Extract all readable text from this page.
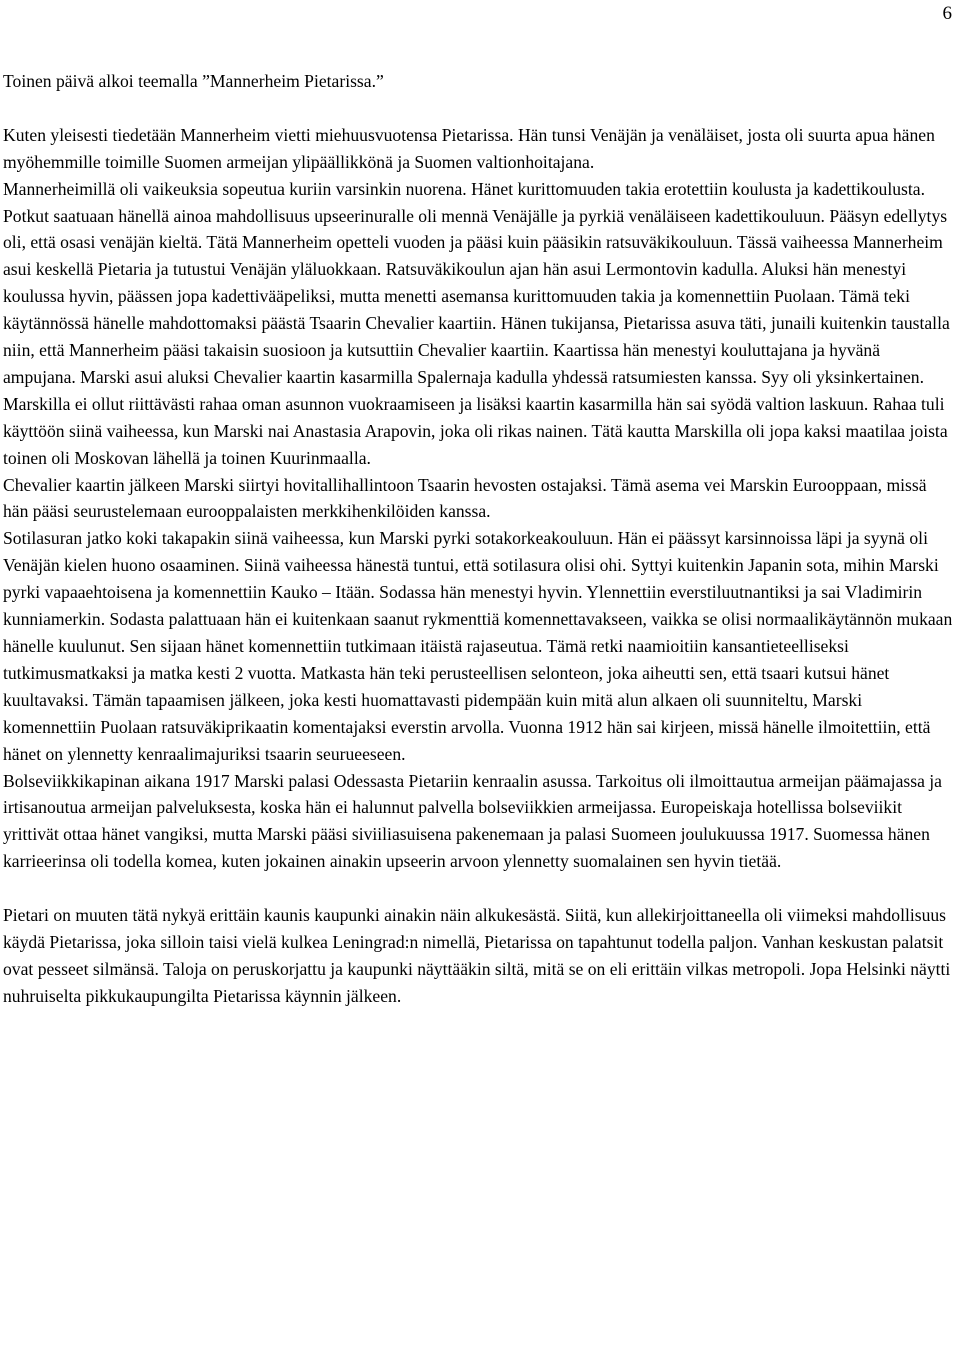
6

Toinen päivä alkoi teemalla ”Mannerheim Pietarissa.”

Kuten yleisesti tiedetään Mannerheim vietti miehuusvuotensa Pietarissa. Hän tunsi Venäjän ja venäläiset, josta oli suurta apua hänen myöhemmille toimille Suomen armeijan ylipäällikkönä ja Suomen valtionhoitajana.

Mannerheimillä oli vaikeuksia sopeutua kuriin varsinkin nuorena. Hänet kurittomuuden takia erotettiin koulusta ja kadettikoulusta. Potkut saatuaan hänellä ainoa mahdollisuus upseerinuralle oli mennä Venäjälle ja pyrkiä venäläiseen kadettikouluun. Pääsyn edellytys oli, että osasi venäjän kieltä. Tätä Mannerheim opetteli vuoden ja pääsi kuin pääsikin ratsuväkikouluun. Tässä vaiheessa Mannerheim asui keskellä Pietaria ja tutustui Venäjän yläluokkaan. Ratsuväkikoulun ajan hän asui Lermontovin kadulla. Aluksi hän menestyi koulussa hyvin, päässen jopa kadettivääpeliksi, mutta menetti asemansa kurittomuuden takia ja komennettiin Puolaan. Tämä teki käytännössä hänelle mahdottomaksi päästä Tsaarin Chevalier kaartiin. Hänen tukijansa, Pietarissa asuva täti, junaili kuitenkin taustalla niin, että Mannerheim pääsi takaisin suosioon ja kutsuttiin Chevalier kaartiin. Kaartissa hän menestyi kouluttajana ja hyvänä ampujana. Marski asui aluksi Chevalier kaartin kasarmilla Spalernaja kadulla yhdessä ratsumiesten kanssa. Syy oli yksinkertainen. Marskilla ei ollut riittävästi rahaa oman asunnon vuokraamiseen ja lisäksi kaartin kasarmilla hän sai syödä valtion laskuun. Rahaa tuli käyttöön siinä vaiheessa, kun Marski nai Anastasia Arapovin, joka oli rikas nainen. Tätä kautta Marskilla oli jopa kaksi maatilaa joista toinen oli Moskovan lähellä ja toinen Kuurinmaalla.

Chevalier kaartin jälkeen Marski siirtyi hovitallihallintoon Tsaarin hevosten ostajaksi. Tämä asema vei Marskin Eurooppaan, missä hän pääsi seurustelemaan eurooppalaisten merkkihenkilöiden kanssa.

Sotilasuran jatko koki takapakin siinä vaiheessa, kun Marski pyrki sotakorkeakouluun. Hän ei päässyt karsinnoissa läpi ja syynä oli Venäjän kielen huono osaaminen. Siinä vaiheessa hänestä tuntui, että sotilasura olisi ohi. Syttyi kuitenkin Japanin sota, mihin Marski pyrki vapaaehtoisena ja komennettiin Kauko – Itään. Sodassa hän menestyi hyvin. Ylennettiin everstiluutnantiksi ja sai Vladimirin kunniamerkin. Sodasta palattuaan hän ei kuitenkaan saanut rykmenttiä komennettavakseen, vaikka se olisi normaalikäytännön mukaan hänelle kuulunut. Sen sijaan hänet komennettiin tutkimaan itäistä rajaseutua. Tämä retki naamioitiin kansantieteelliseksi tutkimusmatkaksi ja matka kesti 2 vuotta. Matkasta hän teki perusteellisen selonteon, joka aiheutti sen, että tsaari kutsui hänet kuultavaksi. Tämän tapaamisen jälkeen, joka kesti huomattavasti pidempään kuin mitä alun alkaen oli suunniteltu, Marski komennettiin Puolaan ratsuväkiprikaatin komentajaksi everstin arvolla. Vuonna 1912 hän sai kirjeen, missä hänelle ilmoitettiin, että hänet on ylennetty kenraalimajuriksi tsaarin seurueeseen.

Bolseviikkikapinan aikana 1917 Marski palasi Odessasta Pietariin kenraalin asussa. Tarkoitus oli ilmoittautua armeijan päämajassa ja irtisanoutua armeijan palveluksesta, koska hän ei halunnut palvella bolseviikkien armeijassa. Europeiskaja hotellissa bolseviikit yrittivät ottaa hänet vangiksi, mutta Marski pääsi siviiliasuisena pakenemaan ja palasi Suomeen joulukuussa 1917. Suomessa hänen karrieerinsa oli todella komea, kuten jokainen ainakin upseerin arvoon ylennetty suomalainen sen hyvin tietää.

Pietari on muuten tätä nykyä erittäin kaunis kaupunki ainakin näin alkukesästä. Siitä, kun allekirjoittaneella oli viimeksi mahdollisuus käydä Pietarissa, joka silloin taisi vielä kulkea Leningrad:n nimellä, Pietarissa on tapahtunut todella paljon. Vanhan keskustan palatsit ovat pesseet silmänsä. Taloja on peruskorjattu ja kaupunki näyttääkin siltä, mitä se on eli erittäin vilkas metropoli. Jopa Helsinki näytti nuhruiselta pikkukaupungilta Pietarissa käynnin jälkeen.
